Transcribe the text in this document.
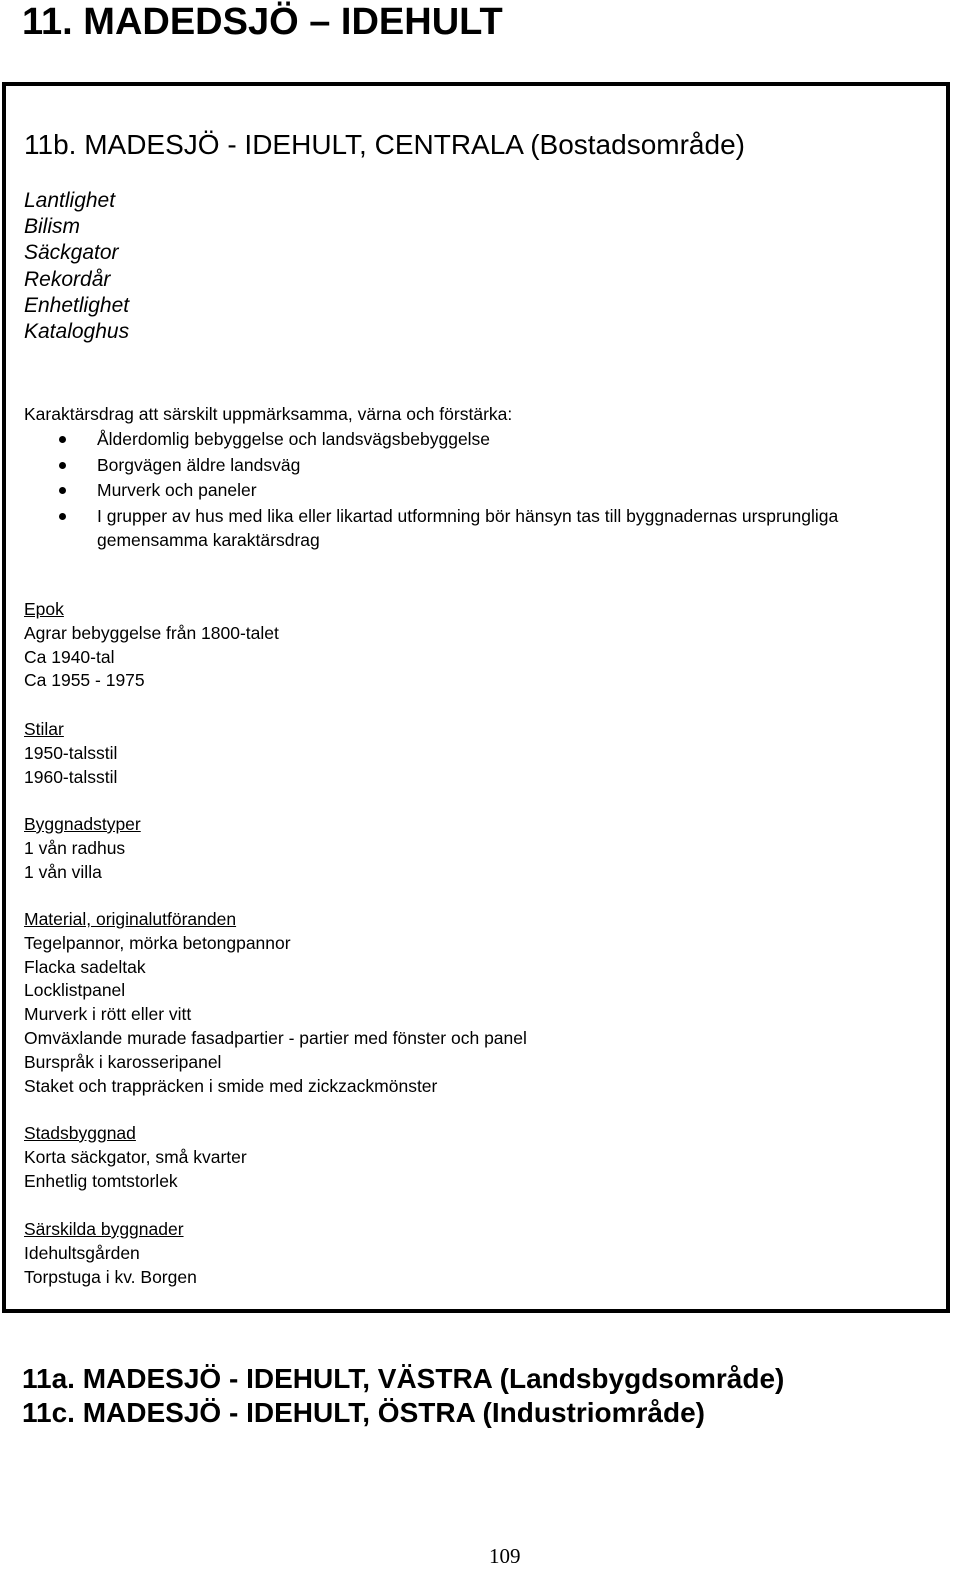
11. MADEDSJÖ – IDEHULT
11b. MADESJÖ - IDEHULT, CENTRALA (Bostadsområde)
Lantlighet
Bilism
Säckgator
Rekordår
Enhetlighet
Kataloghus

Karaktärsdrag att särskilt uppmärksamma, värna och förstärka:

Ålderdomlig bebyggelse och landsvägsbebyggelse
Borgvägen äldre landsväg
Murverk och paneler
I grupper av hus med lika eller likartad utformning bör hänsyn tas till byggnadernas ursprungliga gemensamma karaktärsdrag
Epok
Agrar bebyggelse från 1800-talet
Ca 1940-tal
Ca 1955 - 1975
Stilar
1950-talsstil
1960-talsstil
Byggnadstyper
1 vån radhus
1 vån villa
Material, originalutföranden
Tegelpannor, mörka betongpannor
Flacka sadeltak
Locklistpanel
Murverk i rött eller vitt
Omväxlande murade fasadpartier - partier med fönster och panel
Burspråk i karosseripanel
Staket och trappräcken i smide med zickzackmönster
Stadsbyggnad
Korta säckgator, små kvarter
Enhetlig tomtstorlek
Särskilda byggnader
Idehultsgården
Torpstuga i kv. Borgen
11a. MADESJÖ - IDEHULT, VÄSTRA (Landsbygdsområde)
11c. MADESJÖ - IDEHULT, ÖSTRA (Industriområde)
109
